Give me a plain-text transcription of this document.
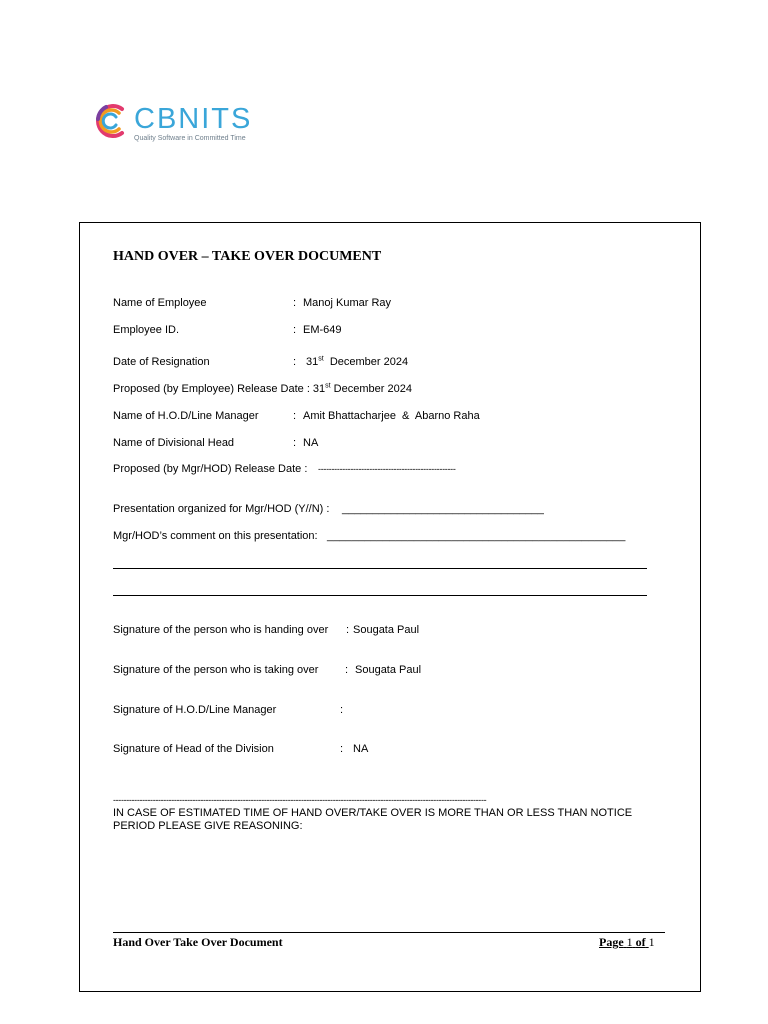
CBNITS
Quality Software in Committed Time
HAND OVER – TAKE OVER DOCUMENT
Name of Employee	: Manoj Kumar Ray
Employee ID.	: EM-649
Date of Resignation	: 31st  December 2024
Proposed (by Employee) Release Date : 31st December 2024
Name of H.O.D/Line Manager	: Amit Bhattacharjee  &  Abarno Raha
Name of Divisional Head	: NA
Proposed (by Mgr/HOD) Release Date : ---------------------------------------------------
Presentation organized for Mgr/HOD (Y//N) : _________________________________
Mgr/HOD’s comment on this presentation: ________________________________________________
Signature of the person who is handing over : Sougata Paul
Signature of the person who is taking over : Sougata Paul
Signature of H.O.D/Line Manager	:
Signature of Head of the Division	: NA
---------------------------------------------------------------------------------------------------------------------------------------------
IN CASE OF ESTIMATED TIME OF HAND OVER/TAKE OVER IS MORE THAN OR LESS THAN NOTICE PERIOD PLEASE GIVE REASONING:
Hand Over Take Over Document	Page 1 of 1
